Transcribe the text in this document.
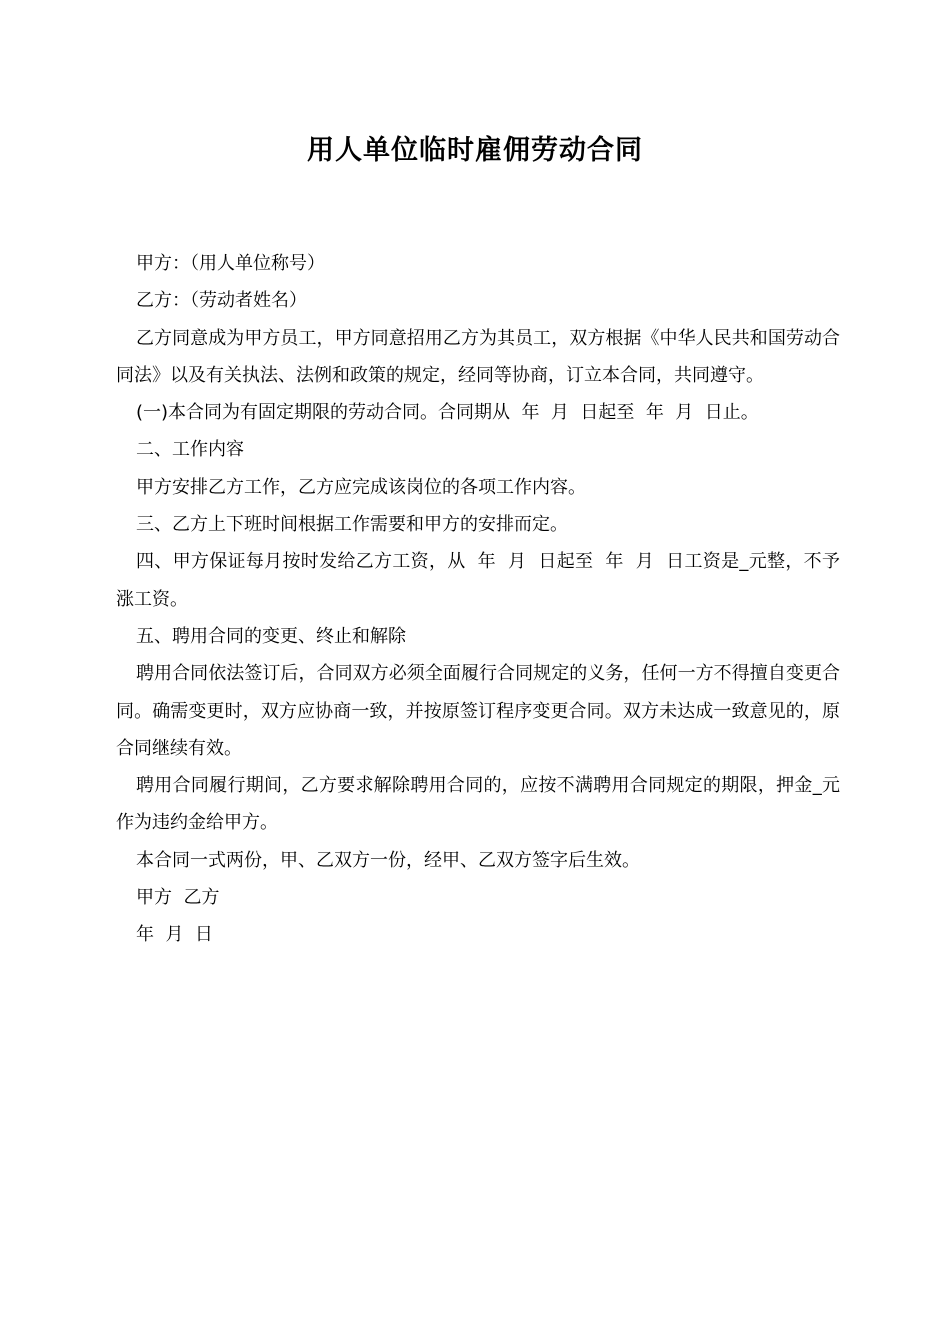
用人单位临时雇佣劳动合同

甲方：（用人单位称号）

乙方：（劳动者姓名）

乙方同意成为甲方员工，甲方同意招用乙方为其员工，双方根据《中华人民共和国劳动合同法》以及有关执法、法例和政策的规定，经同等协商，订立本合同，共同遵守。

(一)本合同为有固定期限的劳动合同。合同期从  年  月  日起至  年  月  日止。

二、工作内容

甲方安排乙方工作，乙方应完成该岗位的各项工作内容。

三、乙方上下班时间根据工作需要和甲方的安排而定。

四、甲方保证每月按时发给乙方工资，从  年  月  日起至  年  月  日工资是_元整，不予涨工资。

五、聘用合同的变更、终止和解除

聘用合同依法签订后，合同双方必须全面履行合同规定的义务，任何一方不得擅自变更合同。确需变更时，双方应协商一致，并按原签订程序变更合同。双方未达成一致意见的，原合同继续有效。

聘用合同履行期间，乙方要求解除聘用合同的，应按不满聘用合同规定的期限，押金_元作为违约金给甲方。

本合同一式两份，甲、乙双方一份，经甲、乙双方签字后生效。

甲方  乙方

年  月  日
